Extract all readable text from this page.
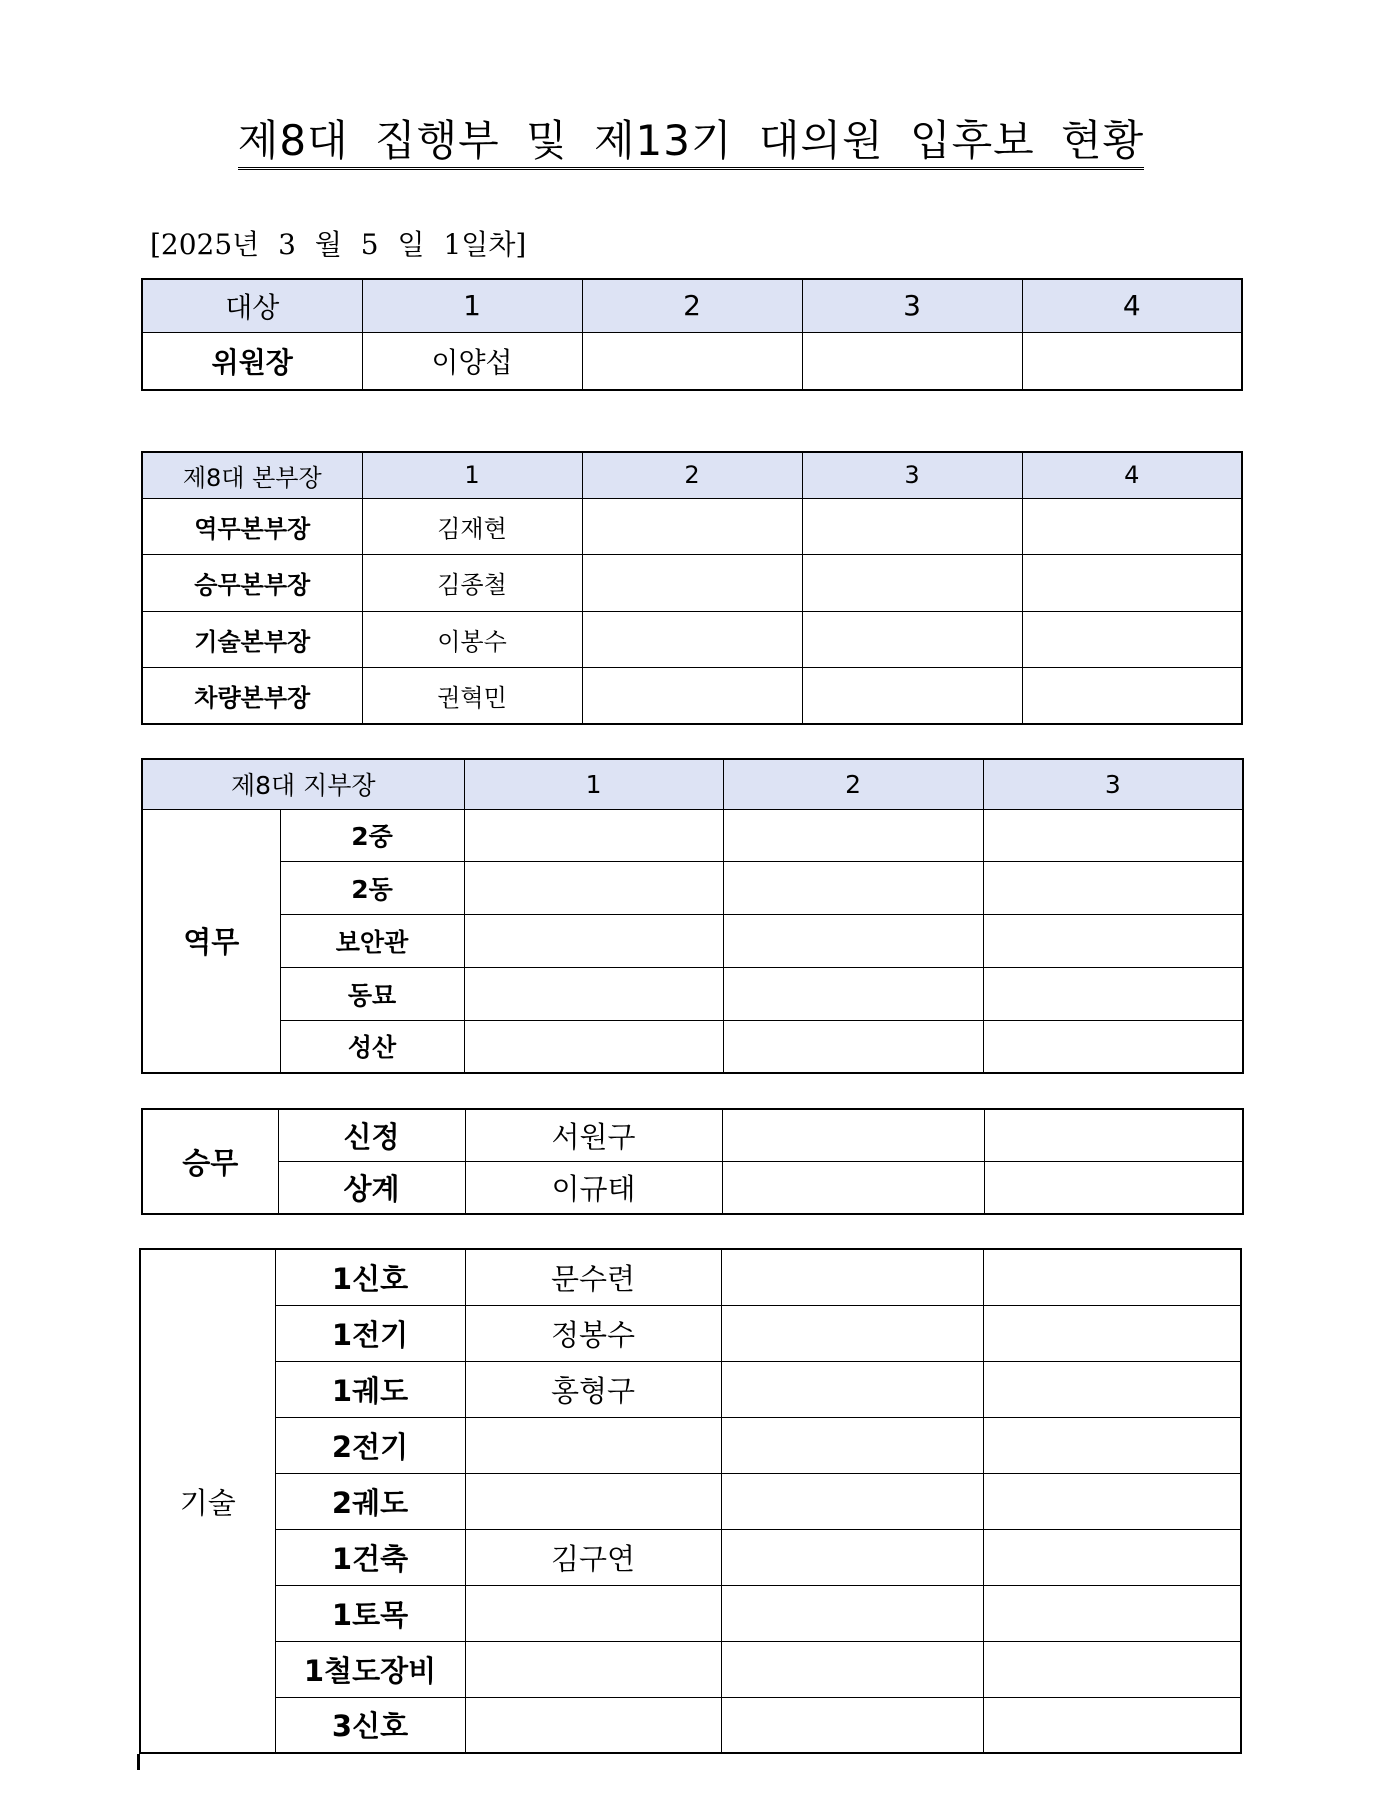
제8대 집행부 및 제13기 대의원 입후보 현황
[2025년 3 월 5 일 1일차]
대상	1	2	3	4
위원장	이양섭			
제8대 본부장	1	2	3	4
역무본부장	김재현			
승무본부장	김종철			
기술본부장	이봉수			
차량본부장	권혁민			
제8대 지부장		1	2	3
역무	2중			
	2동			
	보안관			
	동묘			
	성산			
승무	신정	서원구		
	상계	이규태		
기술	1신호	문수련		
	1전기	정봉수		
	1궤도	홍형구		
	2전기			
	2궤도			
	1건축	김구연		
	1토목			
	1철도장비			
	3신호			
